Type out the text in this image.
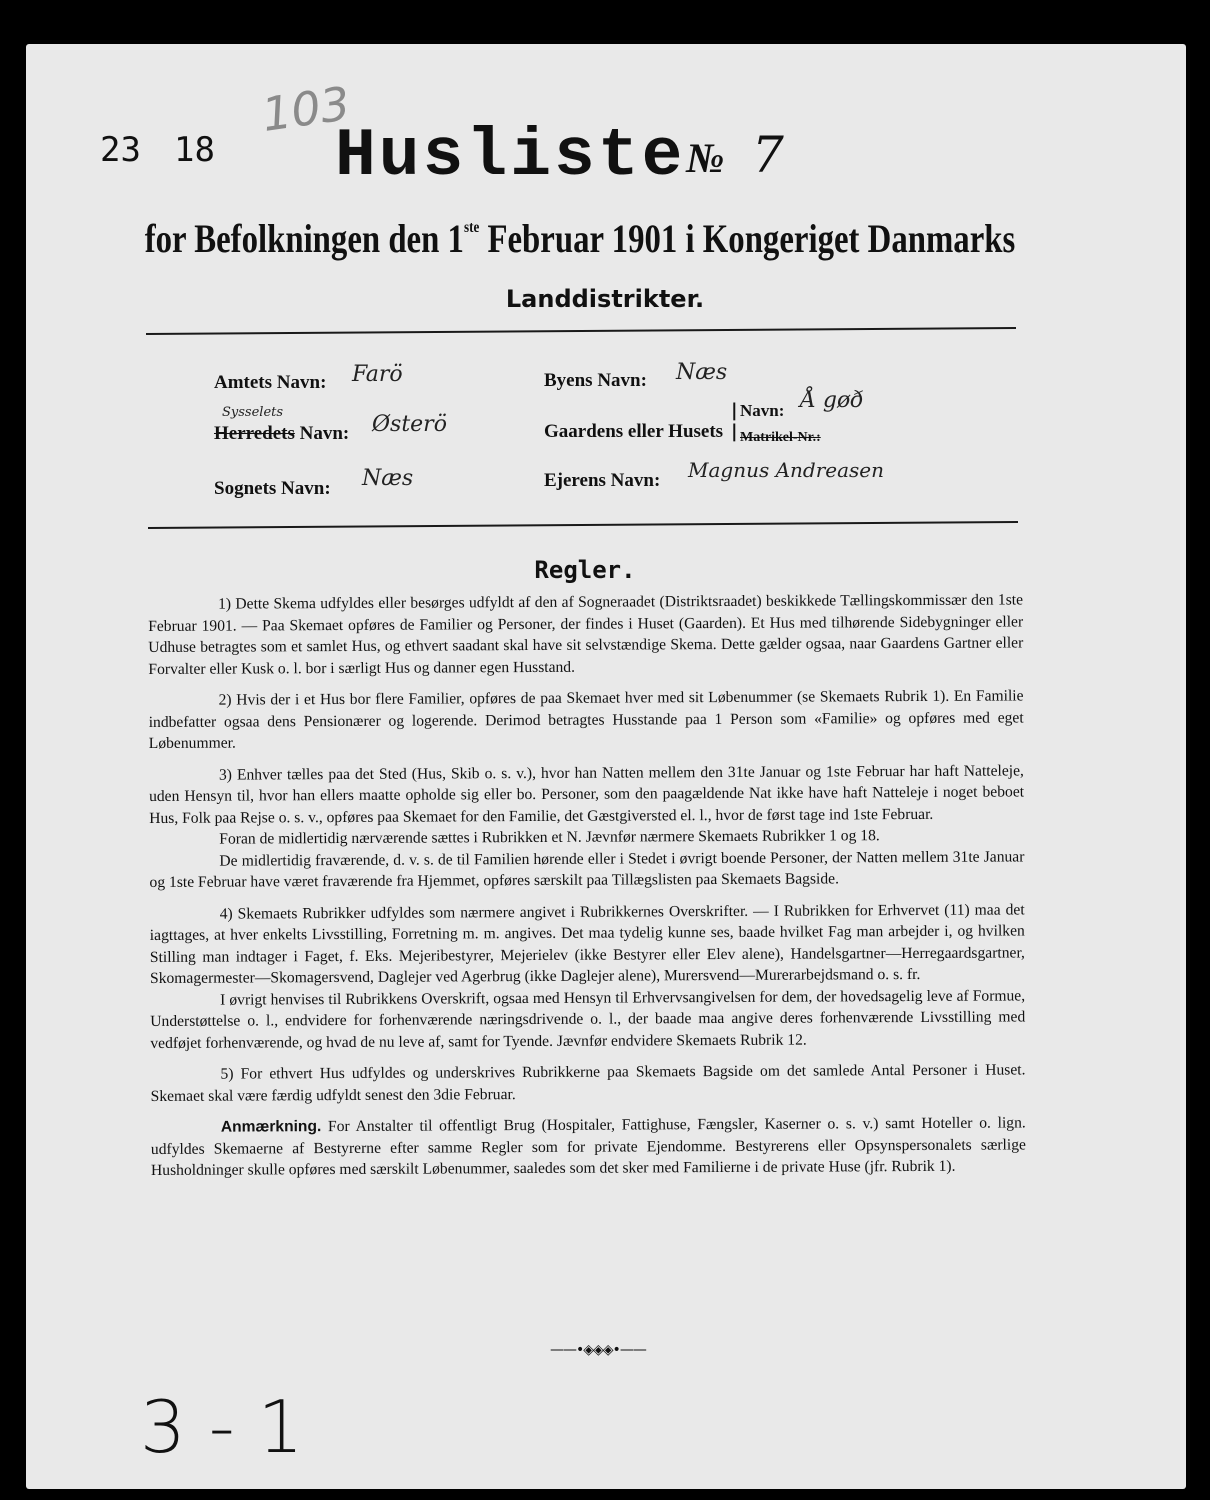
23 18
103
Husliste № 7
for Befolkningen den 1ste Februar 1901 i Kongeriget Danmarks
Landdistrikter.
Amtets Navn: Farö
Sysselets
Herredets Navn: Østerö
Sognets Navn: Næs
Byens Navn: Næs
Gaardens eller Husets
|
|
Navn: Å gøð
Matrikel-Nr.:
Ejerens Navn: Magnus Andreasen
Regler.

1) Dette Skema udfyldes eller besørges udfyldt af den af Sogneraadet (Distriktsraadet) beskikkede Tællingskommissær den 1ste Februar 1901. — Paa Skemaet opføres de Familier og Personer, der findes i Huset (Gaarden). Et Hus med tilhørende Sidebygninger eller Udhuse betragtes som et samlet Hus, og ethvert saadant skal have sit selvstændige Skema. Dette gælder ogsaa, naar Gaardens Gartner eller Forvalter eller Kusk o. l. bor i særligt Hus og danner egen Husstand.

2) Hvis der i et Hus bor flere Familier, opføres de paa Skemaet hver med sit Løbenummer (se Skemaets Rubrik 1). En Familie indbefatter ogsaa dens Pensionærer og logerende. Derimod betragtes Husstande paa 1 Person som «Familie» og opføres med eget Løbenummer.

3) Enhver tælles paa det Sted (Hus, Skib o. s. v.), hvor han Natten mellem den 31te Januar og 1ste Februar har haft Natteleje, uden Hensyn til, hvor han ellers maatte opholde sig eller bo. Personer, som den paagældende Nat ikke have haft Natteleje i noget beboet Hus, Folk paa Rejse o. s. v., opføres paa Skemaet for den Familie, det Gæstgiversted el. l., hvor de først tage ind 1ste Februar.

Foran de midlertidig nærværende sættes i Rubrikken et N. Jævnfør nærmere Skemaets Rubrikker 1 og 18.

De midlertidig fraværende, d. v. s. de til Familien hørende eller i Stedet i øvrigt boende Personer, der Natten mellem 31te Januar og 1ste Februar have været fraværende fra Hjemmet, opføres særskilt paa Tillægslisten paa Skemaets Bagside.

4) Skemaets Rubrikker udfyldes som nærmere angivet i Rubrikkernes Overskrifter. — I Rubrikken for Erhvervet (11) maa det iagttages, at hver enkelts Livsstilling, Forretning m. m. angives. Det maa tydelig kunne ses, baade hvilket Fag man arbejder i, og hvilken Stilling man indtager i Faget, f. Eks. Mejeribestyrer, Mejerielev (ikke Bestyrer eller Elev alene), Handelsgartner—Herregaardsgartner, Skomagermester—Skomagersvend, Daglejer ved Agerbrug (ikke Daglejer alene), Murersvend—Murerarbejdsmand o. s. fr.

I øvrigt henvises til Rubrikkens Overskrift, ogsaa med Hensyn til Erhvervsangivelsen for dem, der hovedsagelig leve af Formue, Understøttelse o. l., endvidere for forhenværende næringsdrivende o. l., der baade maa angive deres forhenværende Livsstilling med vedføjet forhenværende, og hvad de nu leve af, samt for Tyende. Jævnfør endvidere Skemaets Rubrik 12.

5) For ethvert Hus udfyldes og underskrives Rubrikkerne paa Skemaets Bagside om det samlede Antal Personer i Huset. Skemaet skal være færdig udfyldt senest den 3die Februar.

Anmærkning. For Anstalter til offentligt Brug (Hospitaler, Fattighuse, Fængsler, Kaserner o. s. v.) samt Hoteller o. lign. udfyldes Skemaerne af Bestyrerne efter samme Regler som for private Ejendomme. Bestyrerens eller Opsynspersonalets særlige Husholdninger skulle opføres med særskilt Løbenummer, saaledes som det sker med Familierne i de private Huse (jfr. Rubrik 1).

——•◈◈◈•——
3 - 1
